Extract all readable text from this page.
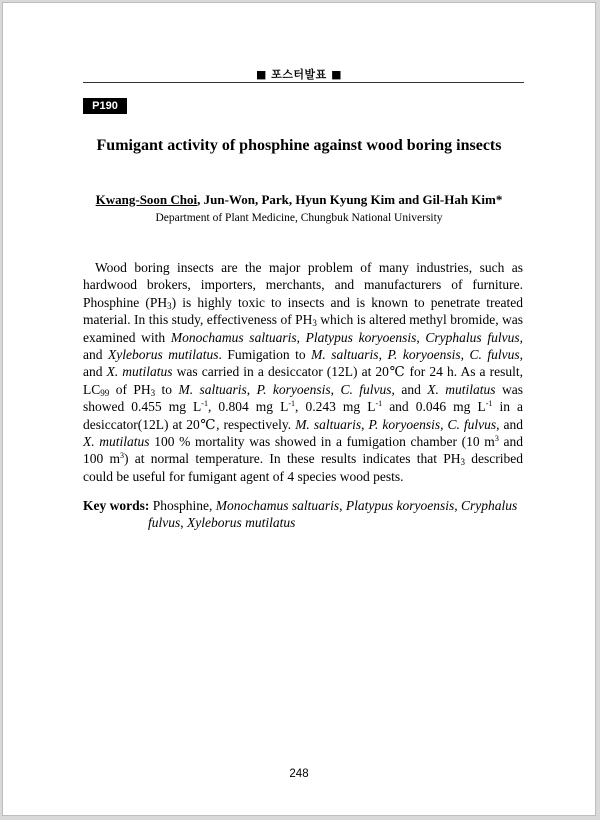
■ 포스터발표 ■
P190
Fumigant activity of phosphine against wood boring insects
Kwang-Soon Choi, Jun-Won, Park, Hyun Kyung Kim and Gil-Hah Kim*
Department of Plant Medicine, Chungbuk National University

Wood boring insects are the major problem of many industries, such as hardwood brokers, importers, merchants, and manufacturers of furniture. Phosphine $(PH_3)$ is highly toxic to insects and is known to penetrate treated material. In this study, effectiveness of $PH_3$ which is altered methyl bromide, was examined with Monochamus saltuaris, Platypus koryoensis, Cryphalus fulvus, and Xyleborus mutilatus. Fumigation to M. saltuaris, P. koryoensis, C. fulvus, and X. mutilatus was carried in a desiccator (12L) at 20℃ for 24 h. As a result, $LC_{99}$ of $PH_3$ to M. saltuaris, P. koryoensis, C. fulvus, and X. mutilatus was showed 0.455 mg $L^{-1}$, 0.804 mg $L^{-1}$, 0.243 mg $L^{-1}$ and 0.046 mg $L^{-1}$ in a desiccator(12L) at 20℃, respectively. M. saltuaris, P. koryoensis, C. fulvus, and X. mutilatus 100 % mortality was showed in a fumigation chamber (10 $m^3$ and 100 $m^3$) at normal temperature. In these results indicates that $PH_3$ described could be useful for fumigant agent of 4 species wood pests.

Key words: Phosphine, Monochamus saltuaris, Platypus koryoensis, Cryphalus fulvus, Xyleborus mutilatus

248
